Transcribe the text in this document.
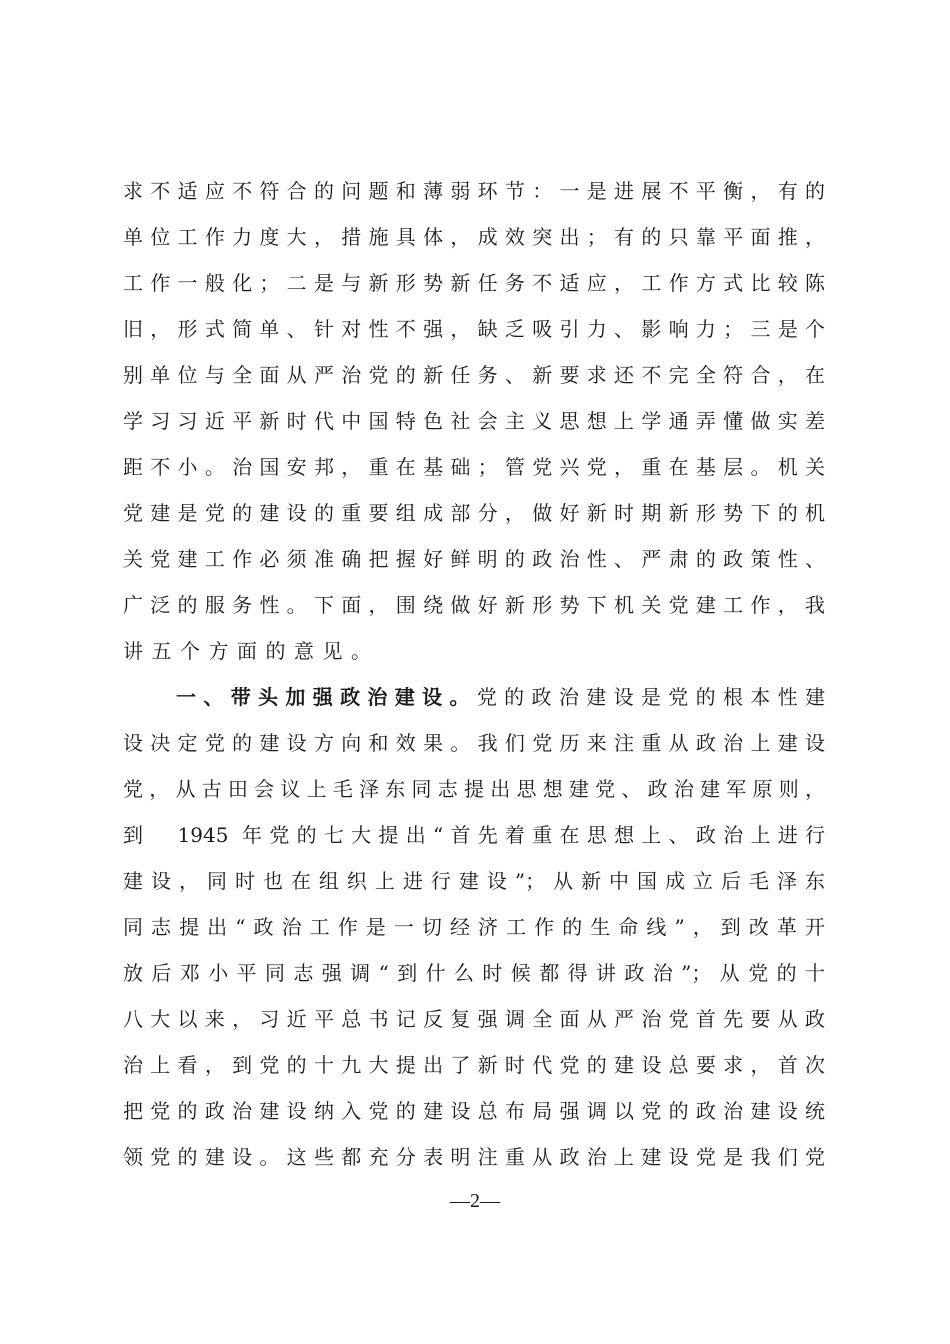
求不适应不符合的问题和薄弱环节：一是进展不平衡，有的
单位工作力度大，措施具体，成效突出；有的只靠平面推，
工作一般化；二是与新形势新任务不适应，工作方式比较陈
旧，形式简单、针对性不强，缺乏吸引力、影响力；三是个
别单位与全面从严治党的新任务、新要求还不完全符合，在
学习习近平新时代中国特色社会主义思想上学通弄懂做实差
距不小。治国安邦，重在基础；管党兴党，重在基层。机关
党建是党的建设的重要组成部分，做好新时期新形势下的机
关党建工作必须准确把握好鲜明的政治性、严肃的政策性、
广泛的服务性。下面，围绕做好新形势下机关党建工作，我
讲五个方面的意见。
一、带头加强政治建设。党的政治建设是党的根本性建
设决定党的建设方向和效果。我们党历来注重从政治上建设
党，从古田会议上毛泽东同志提出思想建党、政治建军原则，
到　1945 年党的七大提出“首先着重在思想上、政治上进行
建设，同时也在组织上进行建设”；从新中国成立后毛泽东
同志提出“政治工作是一切经济工作的生命线”，到改革开
放后邓小平同志强调“到什么时候都得讲政治”；从党的十
八大以来，习近平总书记反复强调全面从严治党首先要从政
治上看，到党的十九大提出了新时代党的建设总要求，首次
把党的政治建设纳入党的建设总布局强调以党的政治建设统
领党的建设。这些都充分表明注重从政治上建设党是我们党
—2—
